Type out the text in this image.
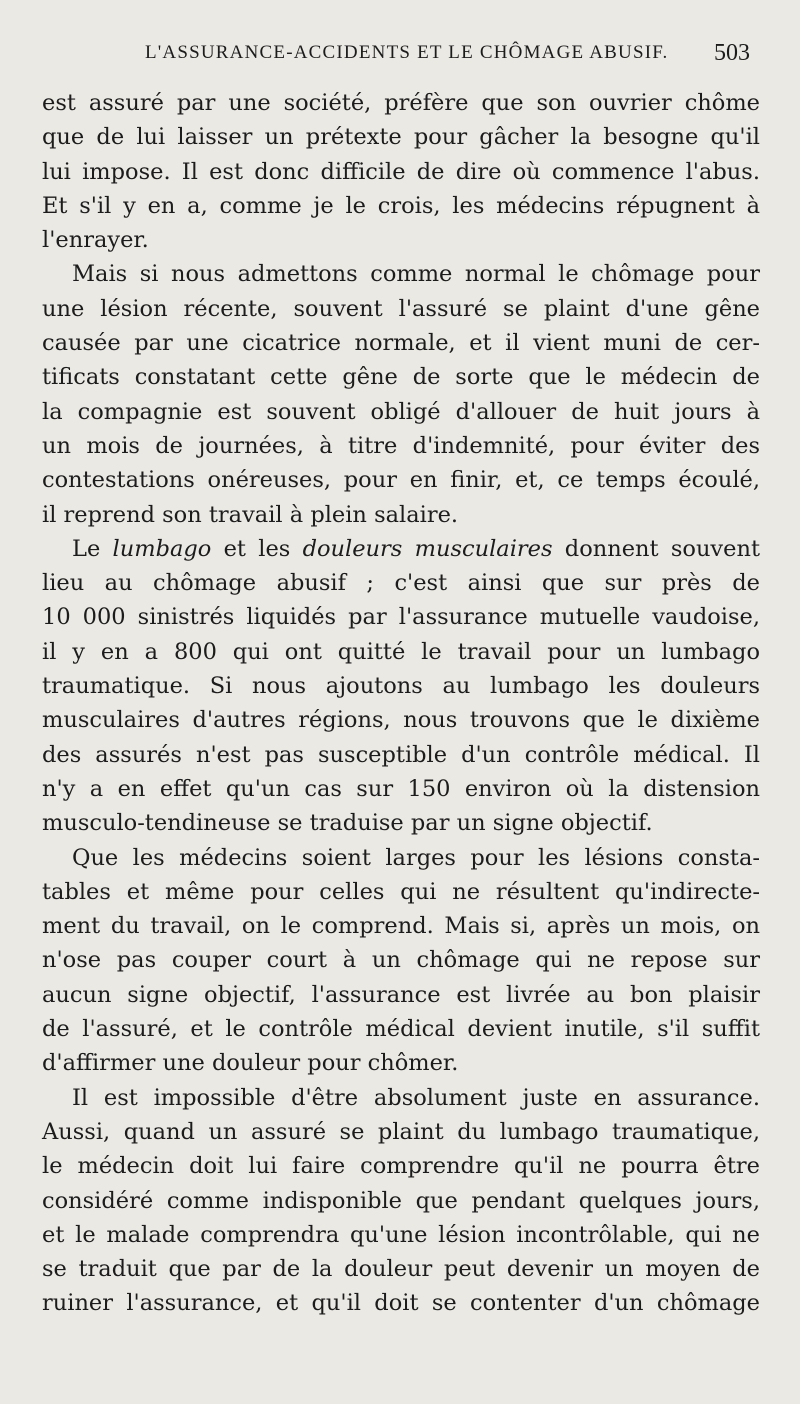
L'ASSURANCE-ACCIDENTS ET LE CHÔMAGE ABUSIF. 503
est assuré par une société, préfère que son ouvrier chôme
que de lui laisser un prétexte pour gâcher la besogne qu'il
lui impose. Il est donc difficile de dire où commence l'abus.
Et s'il y en a, comme je le crois, les médecins répugnent à
l'enrayer.
Mais si nous admettons comme normal le chômage pour
une lésion récente, souvent l'assuré se plaint d'une gêne
causée par une cicatrice normale, et il vient muni de cer-
tificats constatant cette gêne de sorte que le médecin de
la compagnie est souvent obligé d'allouer de huit jours à
un mois de journées, à titre d'indemnité, pour éviter des
contestations onéreuses, pour en finir, et, ce temps écoulé,
il reprend son travail à plein salaire.
Le lumbago et les douleurs musculaires donnent souvent
lieu au chômage abusif ; c'est ainsi que sur près de
10 000 sinistrés liquidés par l'assurance mutuelle vaudoise,
il y en a 800 qui ont quitté le travail pour un lumbago
traumatique. Si nous ajoutons au lumbago les douleurs
musculaires d'autres régions, nous trouvons que le dixième
des assurés n'est pas susceptible d'un contrôle médical. Il
n'y a en effet qu'un cas sur 150 environ où la distension
musculo-tendineuse se traduise par un signe objectif.
Que les médecins soient larges pour les lésions consta-
tables et même pour celles qui ne résultent qu'indirecte-
ment du travail, on le comprend. Mais si, après un mois, on
n'ose pas couper court à un chômage qui ne repose sur
aucun signe objectif, l'assurance est livrée au bon plaisir
de l'assuré, et le contrôle médical devient inutile, s'il suffit
d'affirmer une douleur pour chômer.
Il est impossible d'être absolument juste en assurance.
Aussi, quand un assuré se plaint du lumbago traumatique,
le médecin doit lui faire comprendre qu'il ne pourra être
considéré comme indisponible que pendant quelques jours,
et le malade comprendra qu'une lésion incontrôlable, qui ne
se traduit que par de la douleur peut devenir un moyen de
ruiner l'assurance, et qu'il doit se contenter d'un chômage
